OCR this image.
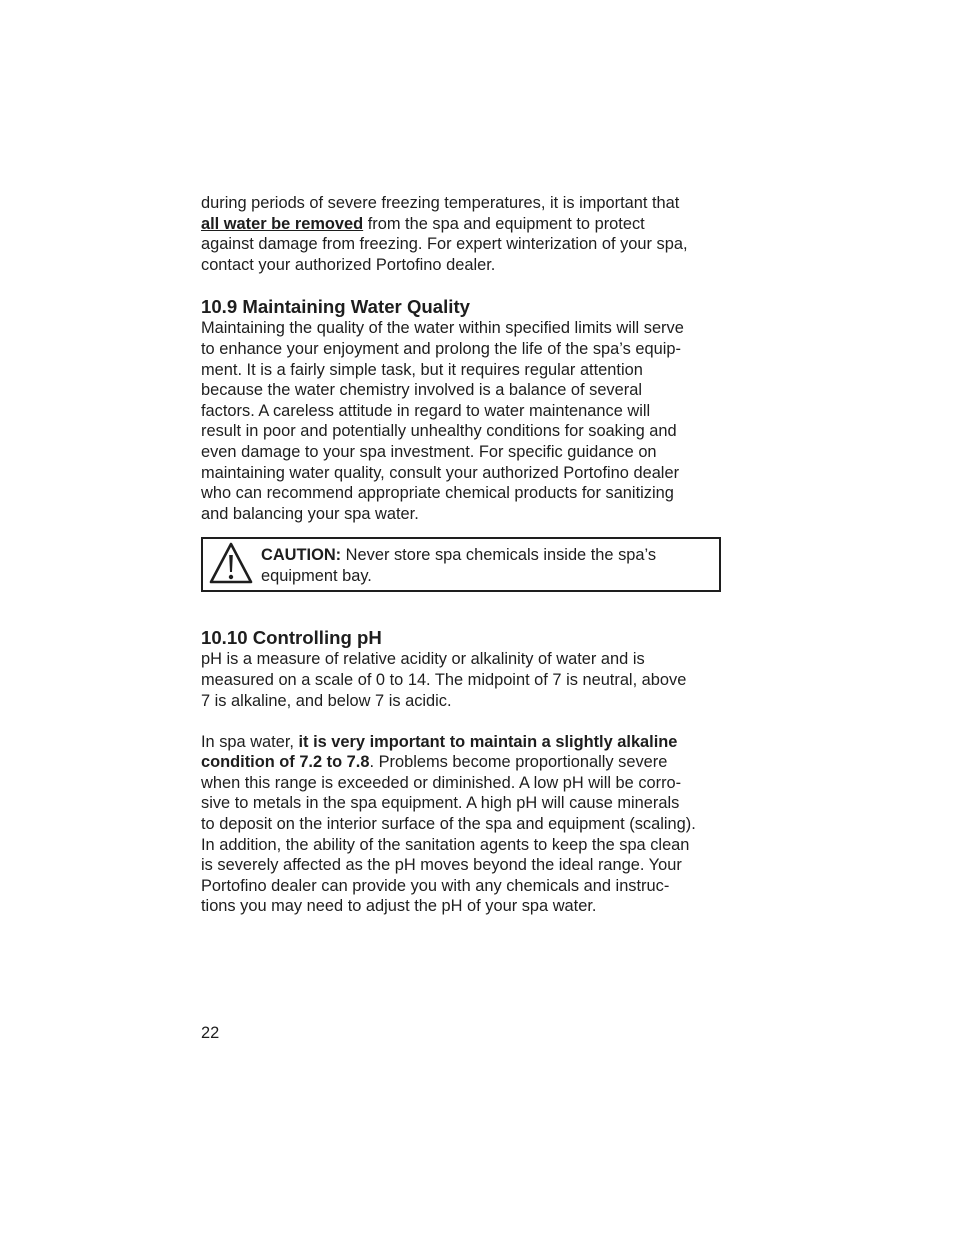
during periods of severe freezing temperatures, it is important that
all water be removed from the spa and equipment to protect
against damage from freezing. For expert winterization of your spa,
contact your authorized Portofino dealer.

10.9 Maintaining Water Quality

Maintaining the quality of the water within specified limits will serve
to enhance your enjoyment and prolong the life of the spa’s equip-
ment. It is a fairly simple task, but it requires regular attention
because the water chemistry involved is a balance of several
factors. A careless attitude in regard to water maintenance will
result in poor and potentially unhealthy conditions for soaking and
even damage to your spa investment. For specific guidance on
maintaining water quality, consult your authorized Portofino dealer
who can recommend appropriate chemical products for sanitizing
and balancing your spa water.

CAUTION: Never store spa chemicals inside the spa’s
equipment bay.
10.10 Controlling pH

pH is a measure of relative acidity or alkalinity of water and is
measured on a scale of 0 to 14. The midpoint of 7 is neutral, above
7 is alkaline, and below 7 is acidic.

In spa water, it is very important to maintain a slightly alkaline
condition of 7.2 to 7.8. Problems become proportionally severe
when this range is exceeded or diminished. A low pH will be corro-
sive to metals in the spa equipment. A high pH will cause minerals
to deposit on the interior surface of the spa and equipment (scaling).
In addition, the ability of the sanitation agents to keep the spa clean
is severely affected as the pH moves beyond the ideal range. Your
Portofino dealer can provide you with any chemicals and instruc-
tions you may need to adjust the pH of your spa water.

22
